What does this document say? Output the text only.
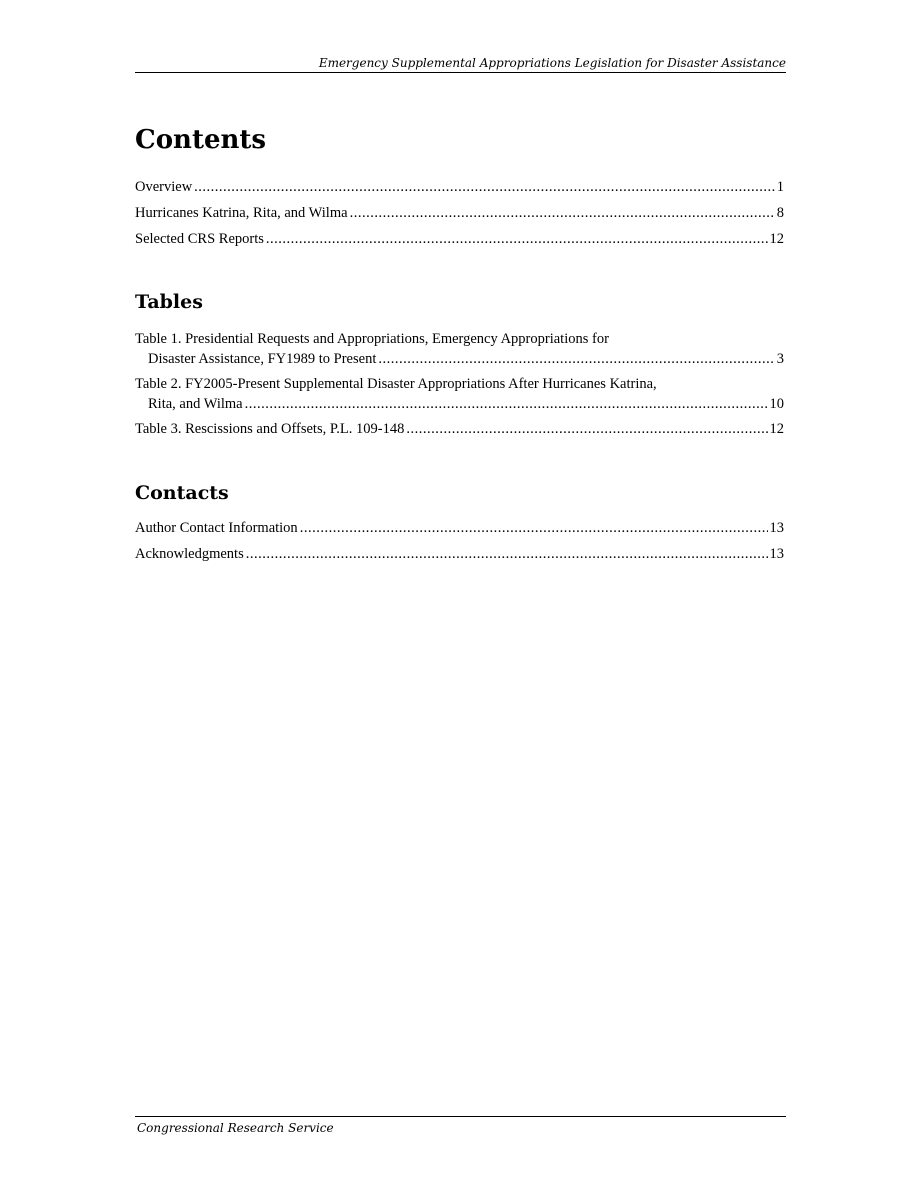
Emergency Supplemental Appropriations Legislation for Disaster Assistance
Contents
Overview .....	1
Hurricanes Katrina, Rita, and Wilma .....	8
Selected CRS Reports .....	12
Tables
Table 1. Presidential Requests and Appropriations, Emergency Appropriations for
Disaster Assistance, FY1989 to Present .....	3
Table 2. FY2005-Present Supplemental Disaster Appropriations After Hurricanes Katrina,
Rita, and Wilma .....	10
Table 3. Rescissions and Offsets, P.L. 109-148 .....	12
Contacts
Author Contact Information .....	13
Acknowledgments .....	13
Congressional Research Service
